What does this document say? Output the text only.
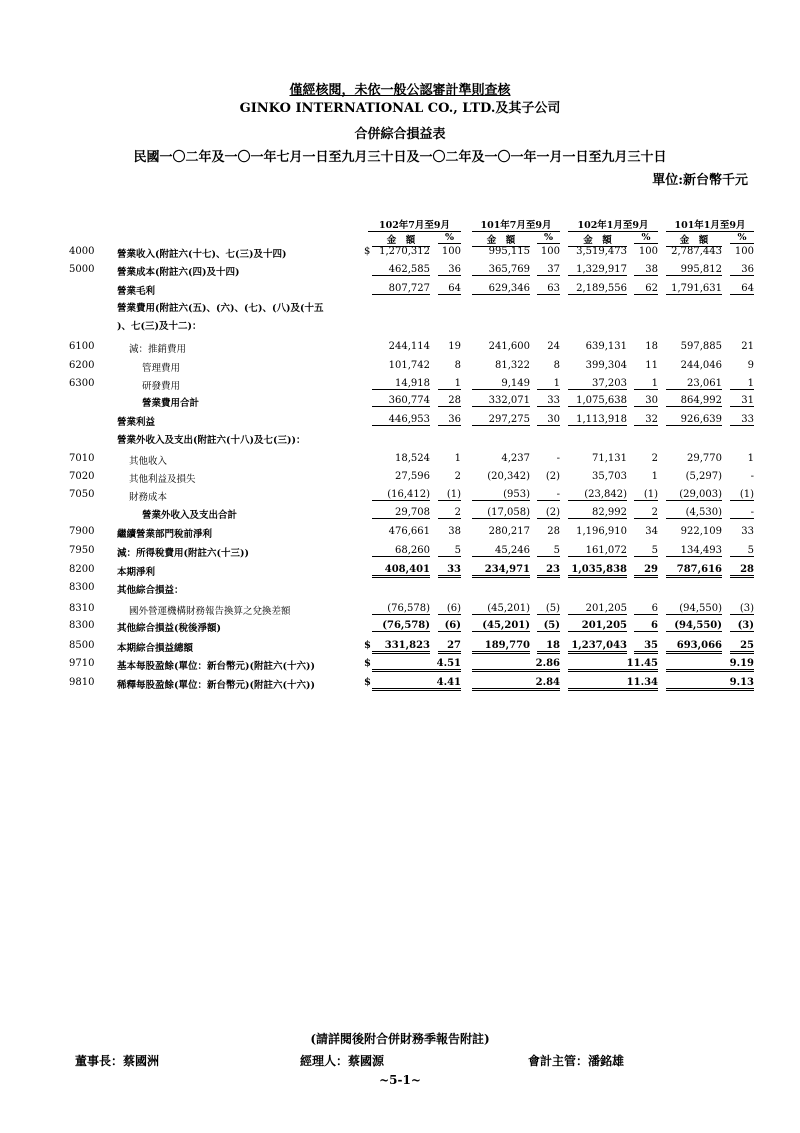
僅經核閱，未依一般公認審計準則查核
GINKO INTERNATIONAL CO., LTD.及其子公司
合併綜合損益表
民國一〇二年及一〇一年七月一日至九月三十日及一〇二年及一〇一年一月一日至九月三十日
單位:新台幣千元
102年7月至9月	101年7月至9月	102年1月至9月	101年1月至9月
金　額	%	金　額	%	金　額	%	金　額	%
4000 營業收入(附註六(十七)、七(三)及十四)	1,270,312	100	995,115	100	3,519,473	100	2,787,443	100
$
5000 營業成本(附註六(四)及十四)	462,585	36	365,769	37	1,329,917	38	995,812	36
營業毛利	807,727	64	629,346	63	2,189,556	62	1,791,631	64
營業費用(附註六(五)、(六)、(七)、(八)及(十五
)、七(三)及十二)：
6100	減：推銷費用	244,114	19	241,600	24	639,131	18	597,885	21
6200	管理費用	101,742	8	81,322	8	399,304	11	244,046	9
6300	研發費用	14,918	1	9,149	1	37,203	1	23,061	1
營業費用合計	360,774	28	332,071	33	1,075,638	30	864,992	31
營業利益	446,953	36	297,275	30	1,113,918	32	926,639	33
營業外收入及支出(附註六(十八)及七(三))：
7010	其他收入	18,524	1	4,237	-	71,131	2	29,770	1
7020	其他利益及損失	27,596	2	(20,342)	(2)	35,703	1	(5,297)	-
7050	財務成本	(16,412)	(1)	(953)	-	(23,842)	(1)	(29,003)	(1)
營業外收入及支出合計	29,708	2	(17,058)	(2)	82,992	2	(4,530)	-
7900 繼續營業部門稅前淨利	476,661	38	280,217	28	1,196,910	34	922,109	33
7950 減：所得稅費用(附註六(十三))	68,260	5	45,246	5	161,072	5	134,493	5
8200 本期淨利	408,401	33	234,971	23	1,035,838	29	787,616	28
8300 其他綜合損益：
8310	國外營運機構財務報告換算之兌換差額	(76,578)	(6)	(45,201)	(5)	201,205	6	(94,550)	(3)
8300 其他綜合損益(稅後淨額)	(76,578)	(6)	(45,201)	(5)	201,205	6	(94,550)	(3)
8500 本期綜合損益總額	331,823	27	189,770	18	1,237,043	35	693,066	25
$
9710 基本每股盈餘(單位：新台幣元)(附註六(十六))	4.51	2.86	11.45	9.19
$
9810 稀釋每股盈餘(單位：新台幣元)(附註六(十六))	4.41	2.84	11.34	9.13
$
(請詳閱後附合併財務季報告附註)
董事長：蔡國洲	經理人：蔡國源	會計主管：潘銘雄
~5-1~
